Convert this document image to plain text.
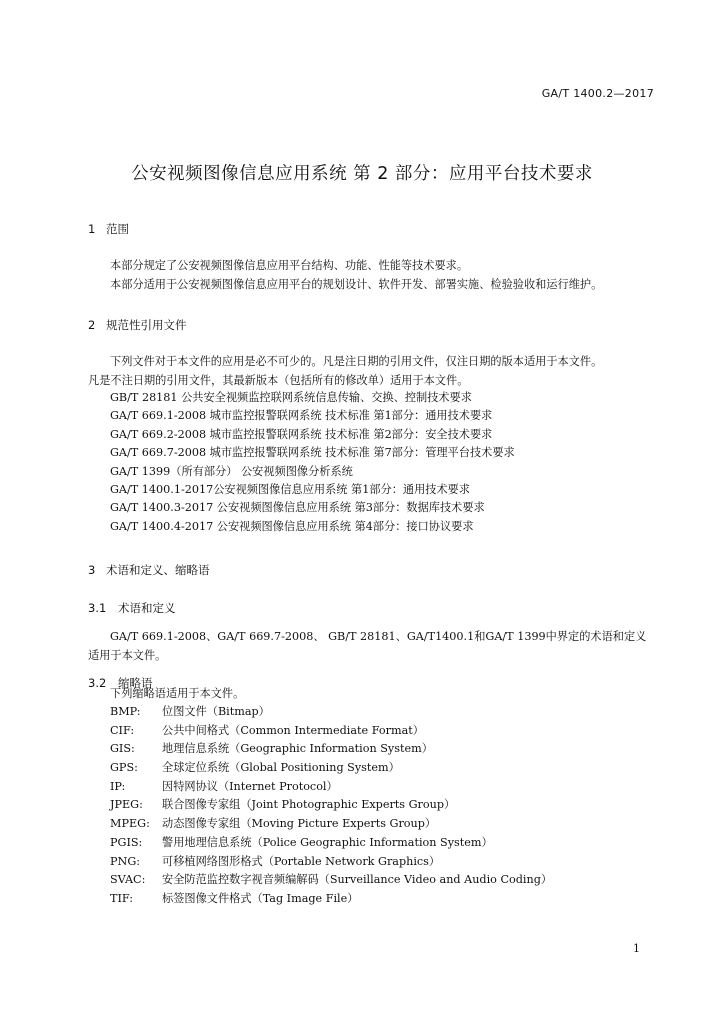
GA/T 1400.2—2017
公安视频图像信息应用系统 第 2 部分：应用平台技术要求
1 范围
本部分规定了公安视频图像信息应用平台结构、功能、性能等技术要求。
本部分适用于公安视频图像信息应用平台的规划设计、软件开发、部署实施、检验验收和运行维护。
2 规范性引用文件
下列文件对于本文件的应用是必不可少的。凡是注日期的引用文件，仅注日期的版本适用于本文件。
凡是不注日期的引用文件，其最新版本（包括所有的修改单）适用于本文件。
GB/T 28181 公共安全视频监控联网系统信息传输、交换、控制技术要求
GA/T 669.1-2008 城市监控报警联网系统 技术标准 第1部分：通用技术要求
GA/T 669.2-2008 城市监控报警联网系统 技术标准 第2部分：安全技术要求
GA/T 669.7-2008 城市监控报警联网系统 技术标准 第7部分：管理平台技术要求
GA/T 1399（所有部分） 公安视频图像分析系统
GA/T 1400.1-2017公安视频图像信息应用系统 第1部分：通用技术要求
GA/T 1400.3-2017 公安视频图像信息应用系统 第3部分：数据库技术要求
GA/T 1400.4-2017 公安视频图像信息应用系统 第4部分：接口协议要求
3 术语和定义、缩略语
3.1 术语和定义
GA/T 669.1-2008、GA/T 669.7-2008、 GB/T 28181、GA/T1400.1和GA/T 1399中界定的术语和定义
适用于本文件。
3.2 缩略语
下列缩略语适用于本文件。
BMP: 位图文件（Bitmap）
CIF: 公共中间格式（Common Intermediate Format）
GIS: 地理信息系统（Geographic Information System）
GPS: 全球定位系统（Global Positioning System）
IP:	因特网协议（Internet Protocol）
JPEG: 联合图像专家组（Joint Photographic Experts Group）
MPEG: 动态图像专家组（Moving Picture Experts Group）
PGIS: 警用地理信息系统（Police Geographic Information System）
PNG: 可移植网络图形格式（Portable Network Graphics）
SVAC: 安全防范监控数字视音频编解码（Surveillance Video and Audio Coding）
TIF:	标签图像文件格式（Tag Image File）
1
